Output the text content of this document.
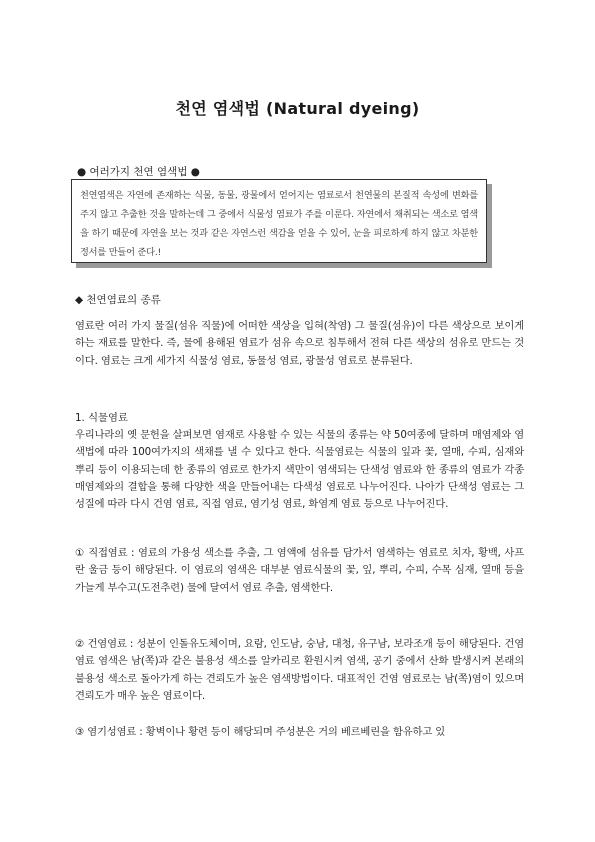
천연 염색법 (Natural dyeing)
● 여러가지 천연 염색법 ●

천연염색은 자연에 존재하는 식물, 동물, 광물에서 얻어지는 염료로서 천연물의 본질적 속성에 변화를 주지 않고 추출한 것을 말하는데 그 중에서 식물성 염료가 주를 이룬다. 자연에서 채취되는 색소로 염색을 하기 때문에 자연을 보는 것과 같은 자연스런 색감을 얻을 수 있어, 눈을 피로하게 하지 않고 차분한 정서를 만들어 준다.!

◆ 천연염료의 종류

염료란 여러 가지 물질(섬유 직물)에 어떠한 색상을 입혀(착염) 그 물질(섬유)이 다른 색상으로 보이게 하는 재료를 말한다. 즉, 물에 용해된 염료가 섬유 속으로 침투해서 전혀 다른 색상의 섬유로 만드는 것이다. 염료는 크게 세가지 식물성 염료, 동물성 염료, 광물성 염료로 분류된다.

1. 식물염료

우리나라의 옛 문헌을 살펴보면 염재로 사용할 수 있는 식물의 종류는 약 50여종에 달하며 매염제와 염색법에 따라 100여가지의 색채를 낼 수 있다고 한다. 식물염료는 식물의 잎과 꽃, 열매, 수피, 심재와 뿌리 등이 이용되는데 한 종류의 염료로 한가지 색만이 염색되는 단색성 염료와 한 종류의 염료가 각종 매염제와의 결합을 통해 다양한 색을 만들어내는 다색성 염료로 나누어진다. 나아가 단색성 염료는 그 성질에 따라 다시 건염 염료, 직접 염료, 염기성 염료, 화염계 염료 등으로 나누어진다.

① 직접염료 : 염료의 가용성 색소를 추출, 그 염액에 섬유를 담가서 염색하는 염료로 치자, 황백, 사프란 울금 등이 해당된다. 이 염료의 염색은 대부분 염료식물의 꽃, 잎, 뿌리, 수피, 수목 심재, 열매 등을 가늘게 부수고(도전추련) 물에 달여서 염료 추출, 염색한다.

② 건염염료 : 성분이 인돌유도체이며, 요람, 인도남, 숭남, 대청, 유구남, 보라조개 등이 해당된다. 건염 염료 염색은 남(쪽)과 같은 불용성 색소를 알카리로 환원시켜 염색, 공기 중에서 산화 발생시켜 본래의 불용성 색소로 돌아가게 하는 견뢰도가 높은 염색방법이다. 대표적인 건염 염료로는 남(쪽)염이 있으며 견뢰도가 매우 높은 염료이다.

③ 염기성염료 : 황벽이나 황련 등이 해당되며 주성분은 거의 베르베린을 함유하고 있
